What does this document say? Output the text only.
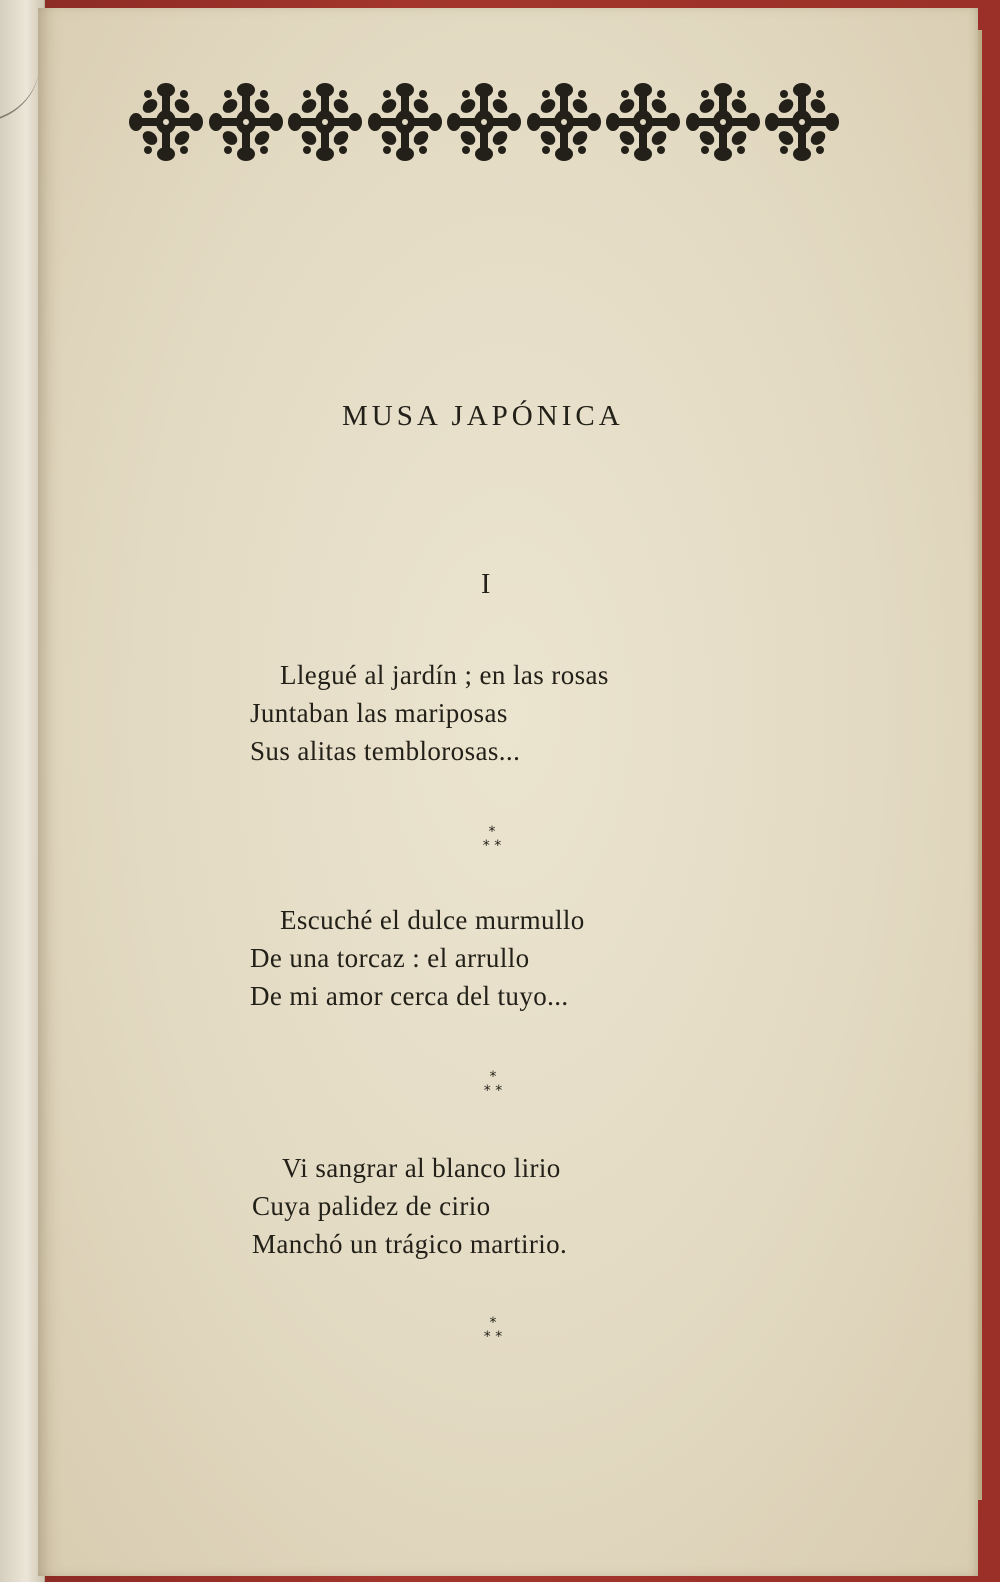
MUSA JAPÓNICA
I
Llegué al jardín ; en las rosas
Juntaban las mariposas
Sus alitas temblorosas...
*
* *
Escuché el dulce murmullo
De una torcaz : el arrullo
De mi amor cerca del tuyo...
*
* *
Vi sangrar al blanco lirio
Cuya palidez de cirio
Manchó un trágico martirio.
*
* *
